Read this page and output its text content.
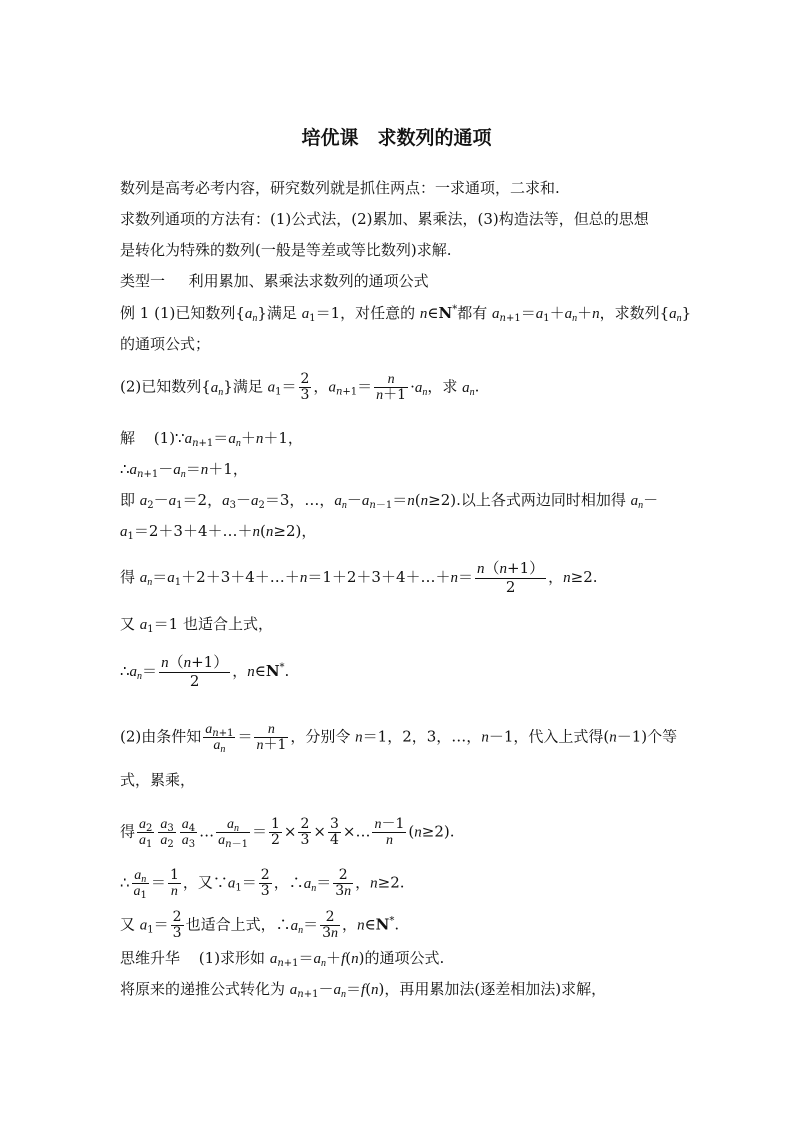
培优课　求数列的通项
数列是高考必考内容，研究数列就是抓住两点：一求通项，二求和.
求数列通项的方法有：(1)公式法，(2)累加、累乘法，(3)构造法等，但总的思想
是转化为特殊的数列(一般是等差或等比数列)求解.
类型一 利用累加、累乘法求数列的通项公式
例 1 (1)已知数列$\{a_n\}$满足 $a_1=1$，对任意的 n∈N*都有 $a_{n+1}=a_1+a_n+n$，求数列$\{a_n\}$
的通项公式；
(2)已知数列$\{a_n\}$满足 $a_1= \frac{2}{3}$ ，$a_{n+1}= \frac{n}{n+1} \cdot a_n$，求 $a_n$.
解 $(1)\because a_{n+1}=a_n+n+1$，
$\therefore a_{n+1}-a_n=n+1$，
即 $a_2-a_1=2$，$a_3-a_2=3$，…，$a_n-a_{n-1}=n(n\ge 2)$.以上各式两边同时相加得 $a_n-$
$a_1=2+3+4+\dots+n(n\ge 2)$，
得 $a_n=a_1+2+3+4+\dots+n=1+2+3+4+\dots+n= \frac{n(n+1)}{2}$ ，n≥2.
又 $a_1=1$ 也适合上式，
$\therefore a_n= \frac{n(n+1)}{2}$ ，n∈N*.
(2)由条件知 $\frac{a_{n+1}}{a_n} = \frac{n}{n+1}$ ，分别令 n＝1，2，3，…，n－1，代入上式得(n－1)个等
式，累乘，
得 $\frac{a_2}{a_1} \frac{a_3}{a_2} \frac{a_4}{a_3}$ … $\frac{a_n}{a_{n-1}} = \frac{1}{2} \times \frac{2}{3} \times \frac{3}{4}$ ×… $\frac{n-1}{n} (n\ge 2)$.
∴ $\frac{a_n}{a_1} = \frac{1}{n}$ ，又$\because a_1= \frac{2}{3}$ ，$\therefore a_n= \frac{2}{3n}$ ，n≥2.
又 $a_1= \frac{2}{3}$ 也适合上式，$\therefore a_n= \frac{2}{3n}$ ，n∈N*.
思维升华 (1)求形如 $a_{n+1}=a_n+f(n)$的通项公式.
将原来的递推公式转化为 $a_{n+1}-a_n=f(n)$，再用累加法(逐差相加法)求解，
